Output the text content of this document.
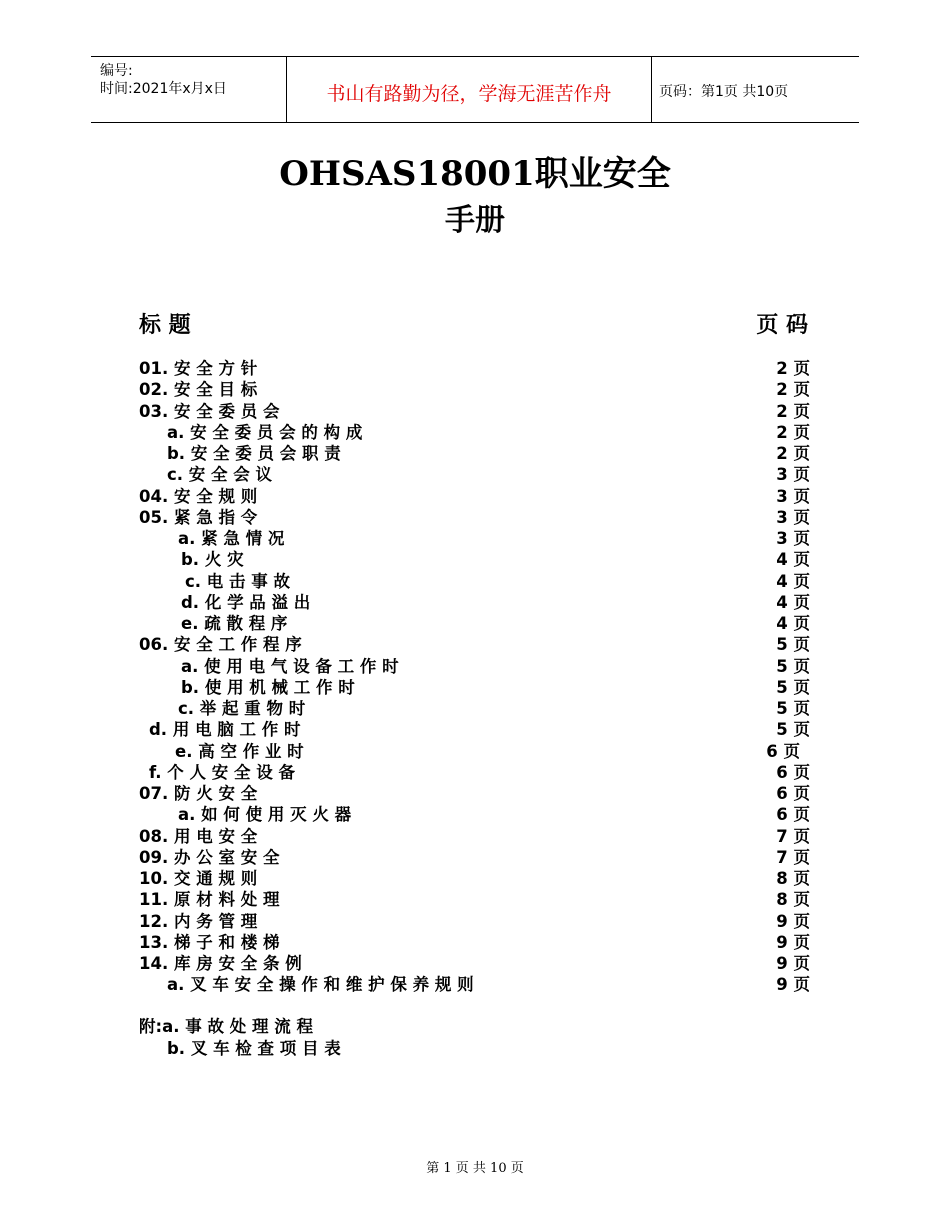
编号:
时间:2021年x月x日	书山有路勤为径，学海无涯苦作舟	页码：第1页 共10页
OHSAS18001职业安全
手册
标 题	页 码
01. 安 全 方 针	2 页
02. 安 全 目 标	2 页
03. 安 全 委 员 会	2 页
a. 安 全 委 员 会 的 构 成	2 页
b. 安 全 委 员 会 职 责	2 页
c. 安 全 会 议	3 页
04. 安 全 规 则	3 页
05. 紧 急 指 令	3 页
a. 紧 急 情 况	3 页
b. 火 灾	4 页
c. 电 击 事 故	4 页
d. 化 学 品 溢 出	4 页
e. 疏 散 程 序	4 页
06. 安 全 工 作 程 序	5 页
a. 使 用 电 气 设 备 工 作 时	5 页
b. 使 用 机 械 工 作 时	5 页
c. 举 起 重 物 时	5 页
d. 用 电 脑 工 作 时	5 页
e. 高 空 作 业 时	6 页
f. 个 人 安 全 设 备	6 页
07. 防 火 安 全	6 页
a. 如 何 使 用 灭 火 器	6 页
08. 用 电 安 全	7 页
09. 办 公 室 安 全	7 页
10. 交 通 规 则	8 页
11. 原 材 料 处 理	8 页
12. 内 务 管 理	9 页
13. 梯 子 和 楼 梯	9 页
14. 库 房 安 全 条 例	9 页
a. 叉 车 安 全 操 作 和 维 护 保 养 规 则	9 页
附:a. 事 故 处 理 流 程
b. 叉 车 检 查 项 目 表
第 1 页 共 10 页
